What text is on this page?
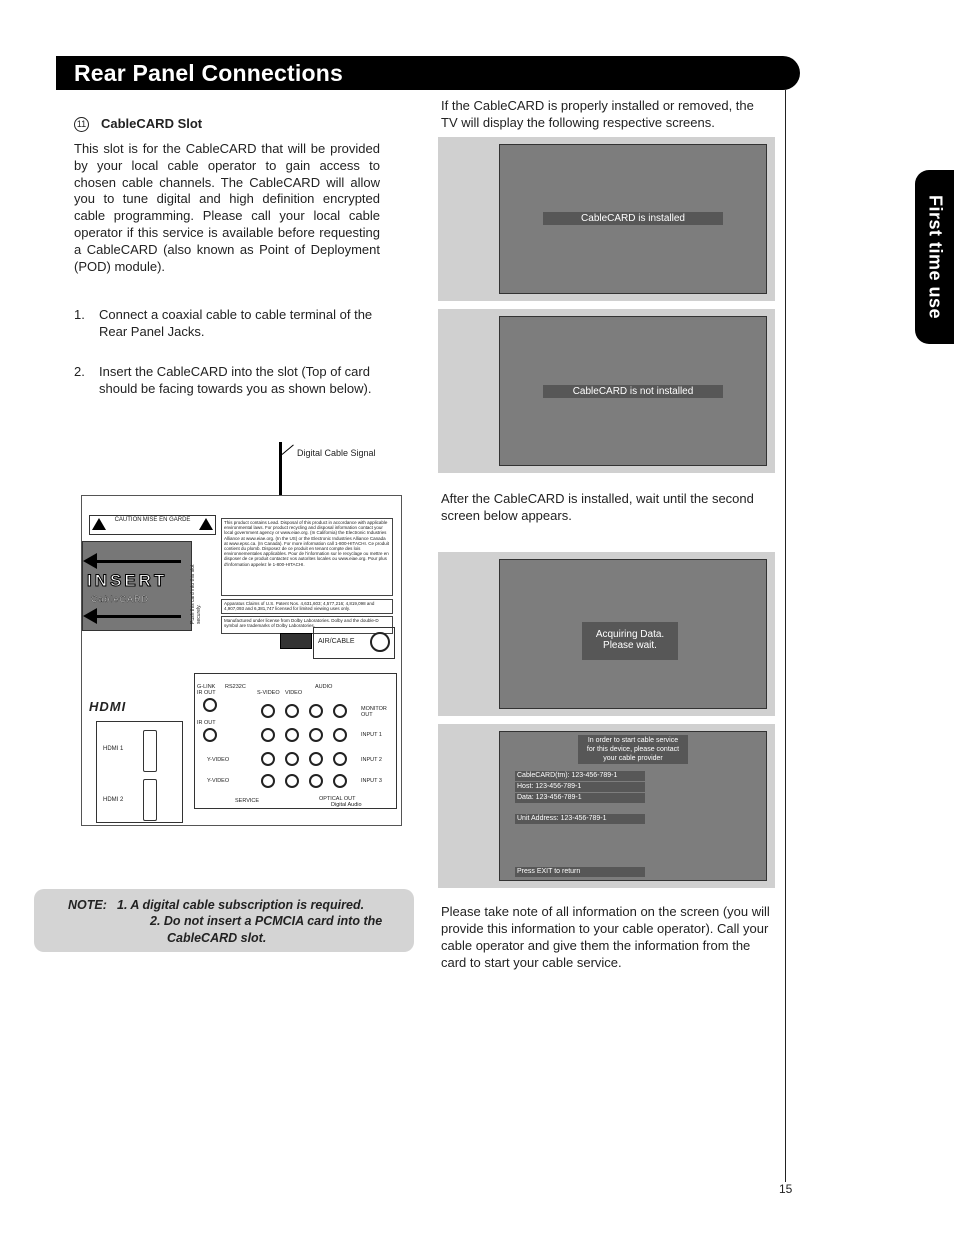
Rear Panel Connections
First time use
11 CableCARD Slot
This slot is for the CableCARD that will be provided by your local cable operator to gain access to chosen cable channels. The CableCARD will allow you to tune digital and high definition encrypted cable programming. Please call your local cable operator if this service is available before requesting a CableCARD (also known as Point of Deployment (POD) module).
1.	Connect a coaxial cable to cable terminal of the Rear Panel Jacks.
2.	Insert the CableCARD into the slot (Top of card should be facing towards you as shown below).
Digital Cable Signal
CAUTION MISE EN GARDE
INSERT
CableCARD	Push this card into this slot securely.
This product contains Lead. Disposal of this product in accordance with applicable environmental laws. For product recycling and disposal information contact your local government agency or www.eiae.org. (In California) the Electronic Industries Alliance at www.eiae.org. (In the US) or the Electronic Industries Alliance Canada at www.epsc.ca. (In Canada). For more information call 1-800-HITACHI. Ce produit contient du plomb. Disposez de ce produit en tenant compte des lois environnementales applicables. Pour de l'information sur le recyclage ou mettre en disposer de ce produit contactez vos autorites locales ou www.eiae.org. Pour plus d'information appelez le 1-800-HITACHI.
Apparatus Claims of U.S. Patent Nos. 4,631,603; 4,577,216; 4,819,098 and 4,907,093 and 6,381,747 licensed for limited viewing uses only.
Manufactured under license from Dolby Laboratories. Dolby and the double-D symbol are trademarks of Dolby Laboratories.
AIR/CABLE
HDMI
HDMI 1
HDMI 2
G-LINK
IR OUT
IR OUT
RS232C
S-VIDEO VIDEO
AUDIO
MONITOR OUT
INPUT 1
INPUT 2
INPUT 3
Y-VIDEO
Y-VIDEO
SERVICE	OPTICAL OUT
Digital Audio
NOTE: 1. A digital cable subscription is required.
2. Do not insert a PCMCIA card into the
CableCARD slot.
If the CableCARD is properly installed or removed, the TV will display the following respective screens.
CableCARD is installed
CableCARD is not installed
After the CableCARD is installed, wait until the second screen below appears.
Acquiring Data.
Please wait.
In order to start cable service
for this device, please contact
your cable provider
CableCARD(tm): 123-456-789-1
Host: 123-456-789-1
Data: 123-456-789-1
Unit Address: 123-456-789-1
Press EXIT to return
Please take note of all information on the screen (you will provide this information to your cable operator). Call your cable operator and give them the information from the card to start your cable service.
15
